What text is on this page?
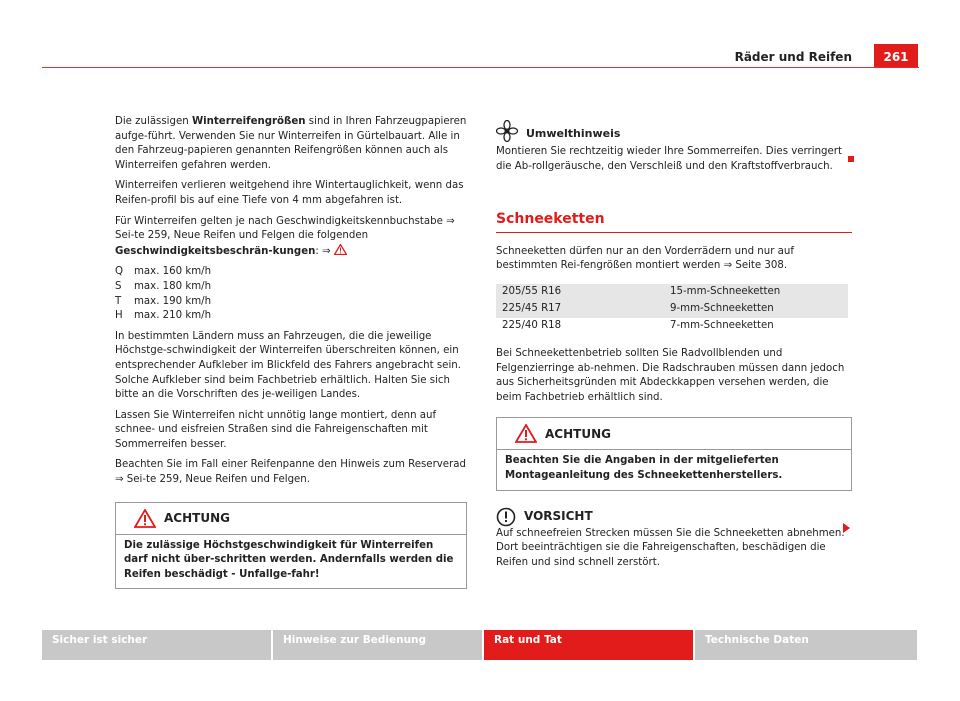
Räder und Reifen	261

Die zulässigen Winterreifengrößen sind in Ihren Fahrzeugpapieren aufge-führt. Verwenden Sie nur Winterreifen in Gürtelbauart. Alle in den Fahrzeug-papieren genannten Reifengrößen können auch als Winterreifen gefahren werden.

Winterreifen verlieren weitgehend ihre Wintertauglichkeit, wenn das Reifen-profil bis auf eine Tiefe von 4 mm abgefahren ist.

Für Winterreifen gelten je nach Geschwindigkeitskennbuchstabe ⇒ Sei-te 259, Neue Reifen und Felgen die folgenden Geschwindigkeitsbeschrän-kungen: ⇒

Q	max. 160 km/h
S	max. 180 km/h
T	max. 190 km/h
H	max. 210 km/h

In bestimmten Ländern muss an Fahrzeugen, die die jeweilige Höchstge-schwindigkeit der Winterreifen überschreiten können, ein entsprechender Aufkleber im Blickfeld des Fahrers angebracht sein. Solche Aufkleber sind beim Fachbetrieb erhältlich. Halten Sie sich bitte an die Vorschriften des je-weiligen Landes.

Lassen Sie Winterreifen nicht unnötig lange montiert, denn auf schnee- und eisfreien Straßen sind die Fahreigenschaften mit Sommerreifen besser.

Beachten Sie im Fall einer Reifenpanne den Hinweis zum Reserverad ⇒ Sei-te 259, Neue Reifen und Felgen.

ACHTUNG
Die zulässige Höchstgeschwindigkeit für Winterreifen darf nicht über-schritten werden. Andernfalls werden die Reifen beschädigt - Unfallge-fahr!
Umwelthinweis

Montieren Sie rechtzeitig wieder Ihre Sommerreifen. Dies verringert die Ab-rollgeräusche, den Verschleiß und den Kraftstoffverbrauch.

Schneeketten

Schneeketten dürfen nur an den Vorderrädern und nur auf bestimmten Rei-fengrößen montiert werden ⇒ Seite 308.

205/55 R16	15-mm-Schneeketten
225/45 R17	9-mm-Schneeketten
225/40 R18	7-mm-Schneeketten

Bei Schneekettenbetrieb sollten Sie Radvollblenden und Felgenzierringe ab-nehmen. Die Radschrauben müssen dann jedoch aus Sicherheitsgründen mit Abdeckkappen versehen werden, die beim Fachbetrieb erhältlich sind.

ACHTUNG
Beachten Sie die Angaben in der mitgelieferten Montageanleitung des Schneekettenherstellers.
VORSICHT

Auf schneefreien Strecken müssen Sie die Schneeketten abnehmen. Dort beeinträchtigen sie die Fahreigenschaften, beschädigen die Reifen und sind schnell zerstört.

Sicher ist sicher	Hinweise zur Bedienung	Rat und Tat	Technische Daten
